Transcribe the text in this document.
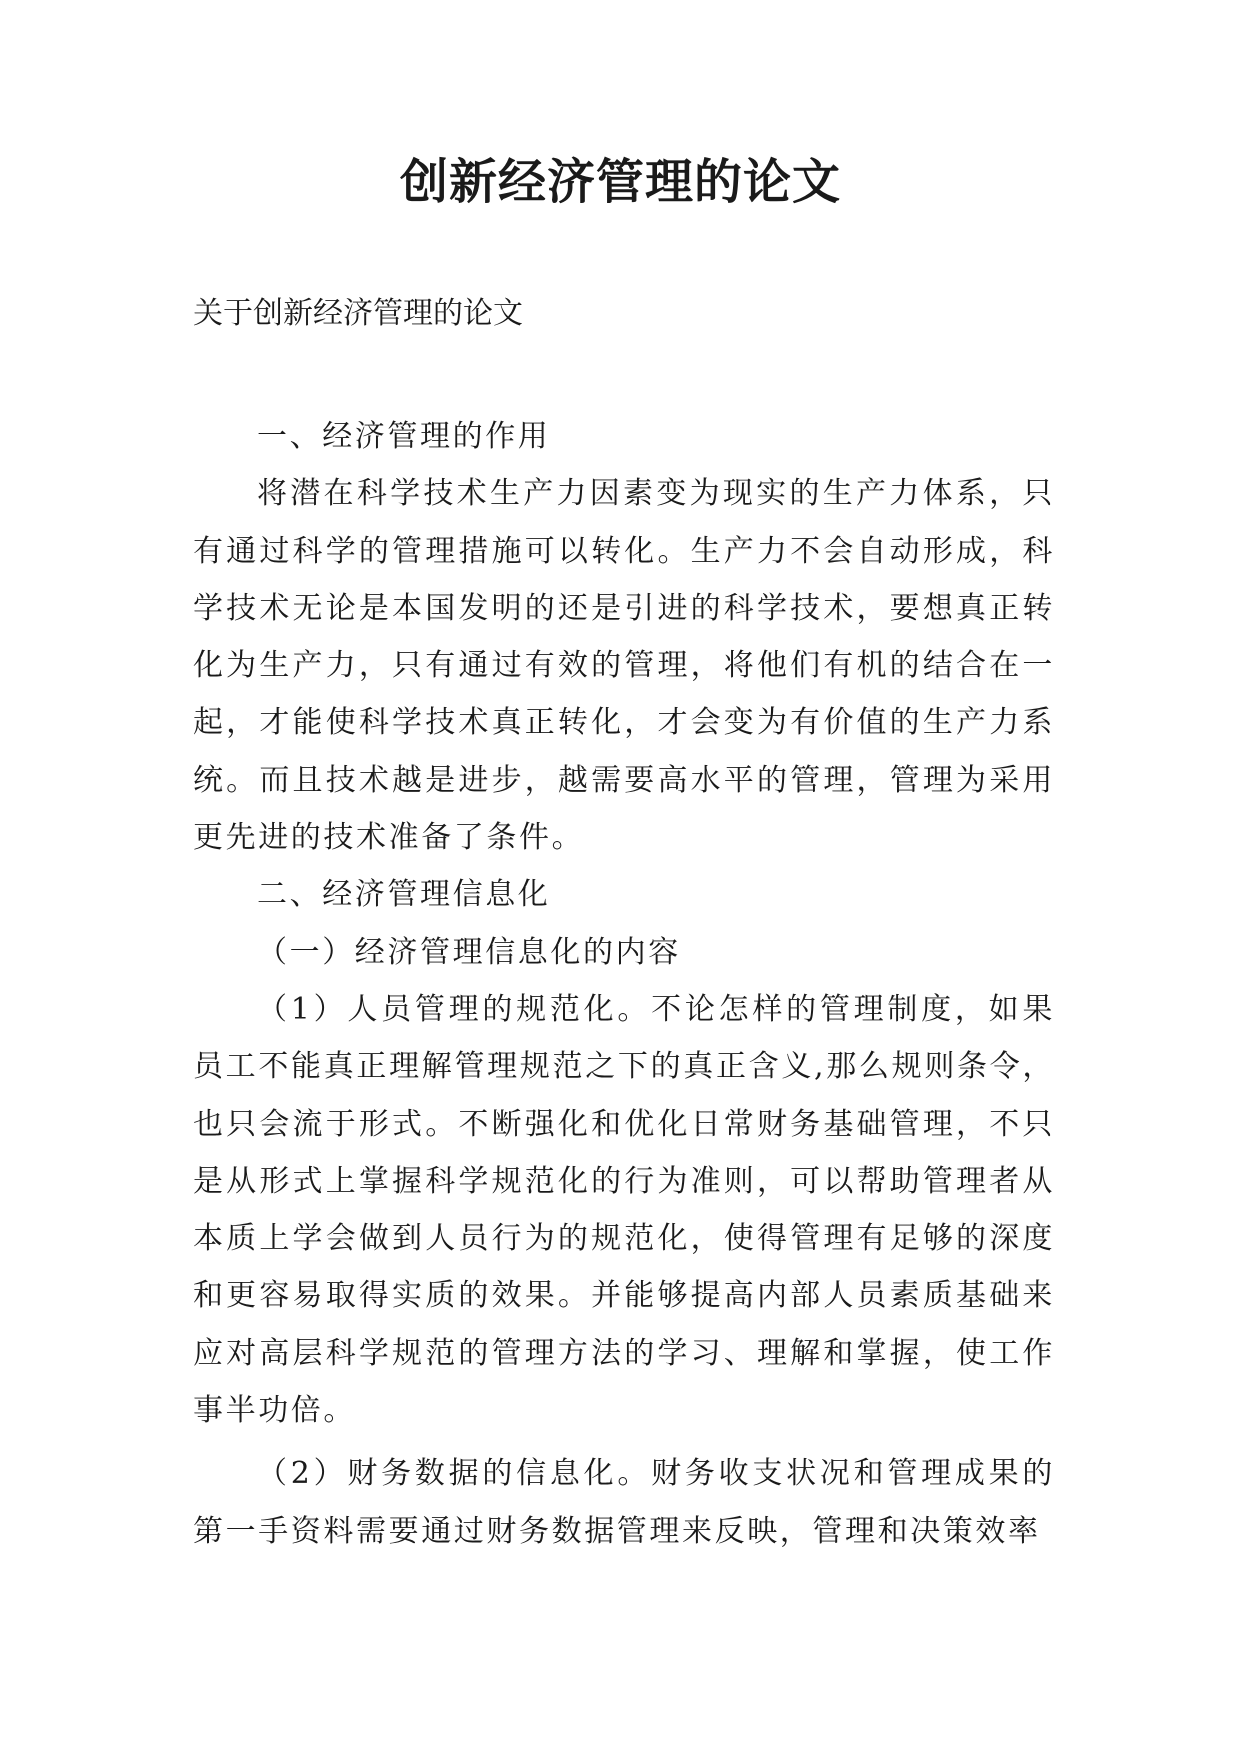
创新经济管理的论文
关于创新经济管理的论文

一、经济管理的作用

将潜在科学技术生产力因素变为现实的生产力体系，只有通过科学的管理措施可以转化。生产力不会自动形成，科学技术无论是本国发明的还是引进的科学技术，要想真正转化为生产力，只有通过有效的管理，将他们有机的结合在一起，才能使科学技术真正转化，才会变为有价值的生产力系统。而且技术越是进步，越需要高水平的管理，管理为采用更先进的技术准备了条件。

二、经济管理信息化

（一）经济管理信息化的内容

（1）人员管理的规范化。不论怎样的管理制度，如果员工不能真正理解管理规范之下的真正含义,那么规则条令，也只会流于形式。不断强化和优化日常财务基础管理，不只是从形式上掌握科学规范化的行为准则，可以帮助管理者从本质上学会做到人员行为的规范化，使得管理有足够的深度和更容易取得实质的效果。并能够提高内部人员素质基础来应对高层科学规范的管理方法的学习、理解和掌握，使工作事半功倍。

（2）财务数据的信息化。财务收支状况和管理成果的第一手资料需要通过财务数据管理来反映，管理和决策效率
